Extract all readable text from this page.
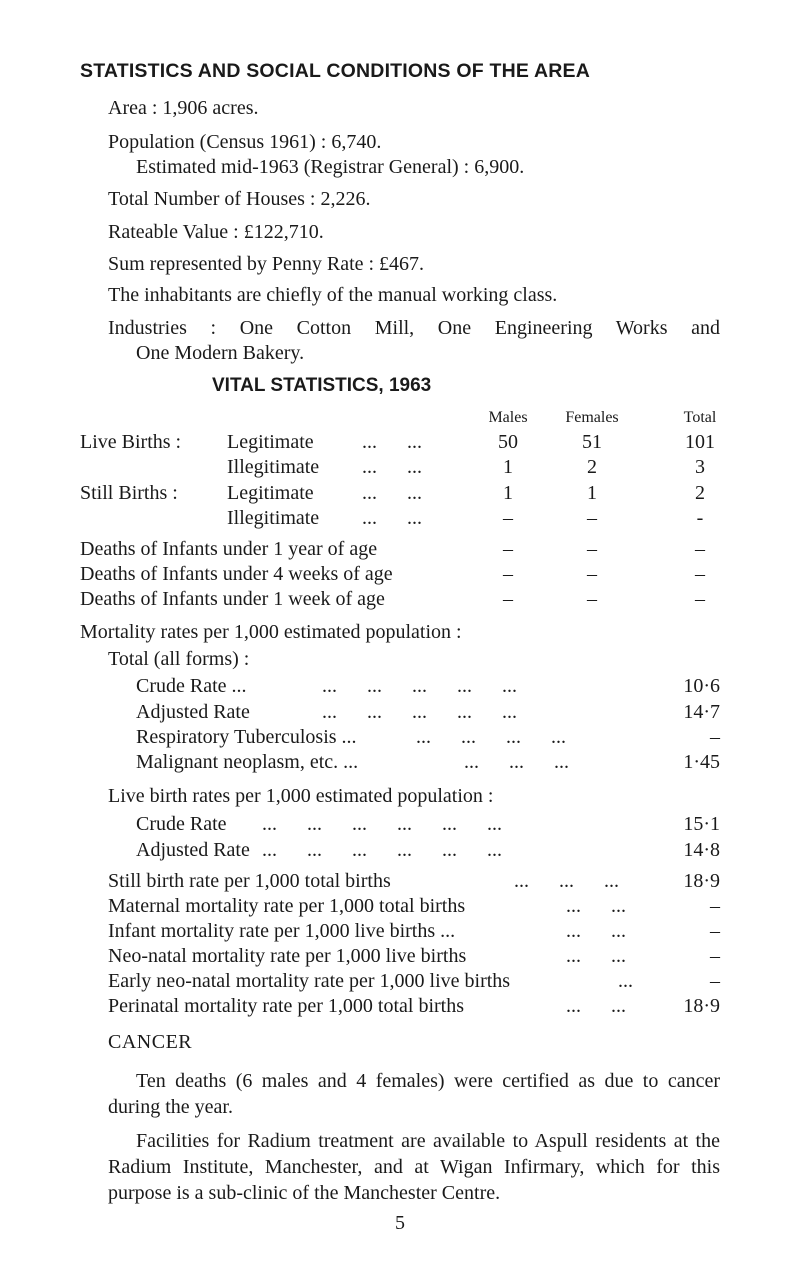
STATISTICS AND SOCIAL CONDITIONS OF THE AREA
Area : 1,906 acres.
Population (Census 1961) : 6,740.
Estimated mid-1963 (Registrar General) : 6,900.
Total Number of Houses : 2,226.
Rateable Value : £122,710.
Sum represented by Penny Rate : £467.
The inhabitants are chiefly of the manual working class.
Industries : One Cotton Mill, One Engineering Works and
One Modern Bakery.
VITAL STATISTICS, 1963
Males	Females	Total
Live Births : Legitimate ...      ...	50	51	101
Illegitimate ...      ...	1	2	3
Still Births : Legitimate ...      ...	1	1	2
Illegitimate ...      ...	–	–	-
Deaths of Infants under 1 year of age	–	–	–
Deaths of Infants under 4 weeks of age	–	–	–
Deaths of Infants under 1 week of age	–	–	–
Mortality rates per 1,000 estimated population :
Total (all forms) :
Crude Rate ...	...      ...      ...      ...      ...	10·6
Adjusted Rate	...      ...      ...      ...      ...	14·7
Respiratory Tuberculosis ...	...      ...      ...      ...	–
Malignant neoplasm, etc. ...	...      ...      ...	1·45
Live birth rates per 1,000 estimated population :
Crude Rate ...      ...      ...      ...      ...      ...	15·1
Adjusted Rate ...      ...      ...      ...      ...      ...	14·8
Still birth rate per 1,000 total births	...      ...      ...	18·9
Maternal mortality rate per 1,000 total births	...      ...	–
Infant mortality rate per 1,000 live births ...	...      ...	–
Neo-natal mortality rate per 1,000 live births	...      ...	–
Early neo-natal mortality rate per 1,000 live births	...	–
Perinatal mortality rate per 1,000 total births	...      ...	18·9
CANCER
Ten deaths (6 males and 4 females) were certified as due to cancer during the year.
Facilities for Radium treatment are available to Aspull residents at the Radium Institute, Manchester, and at Wigan Infirmary, which for this purpose is a sub-clinic of the Manchester Centre.
5
